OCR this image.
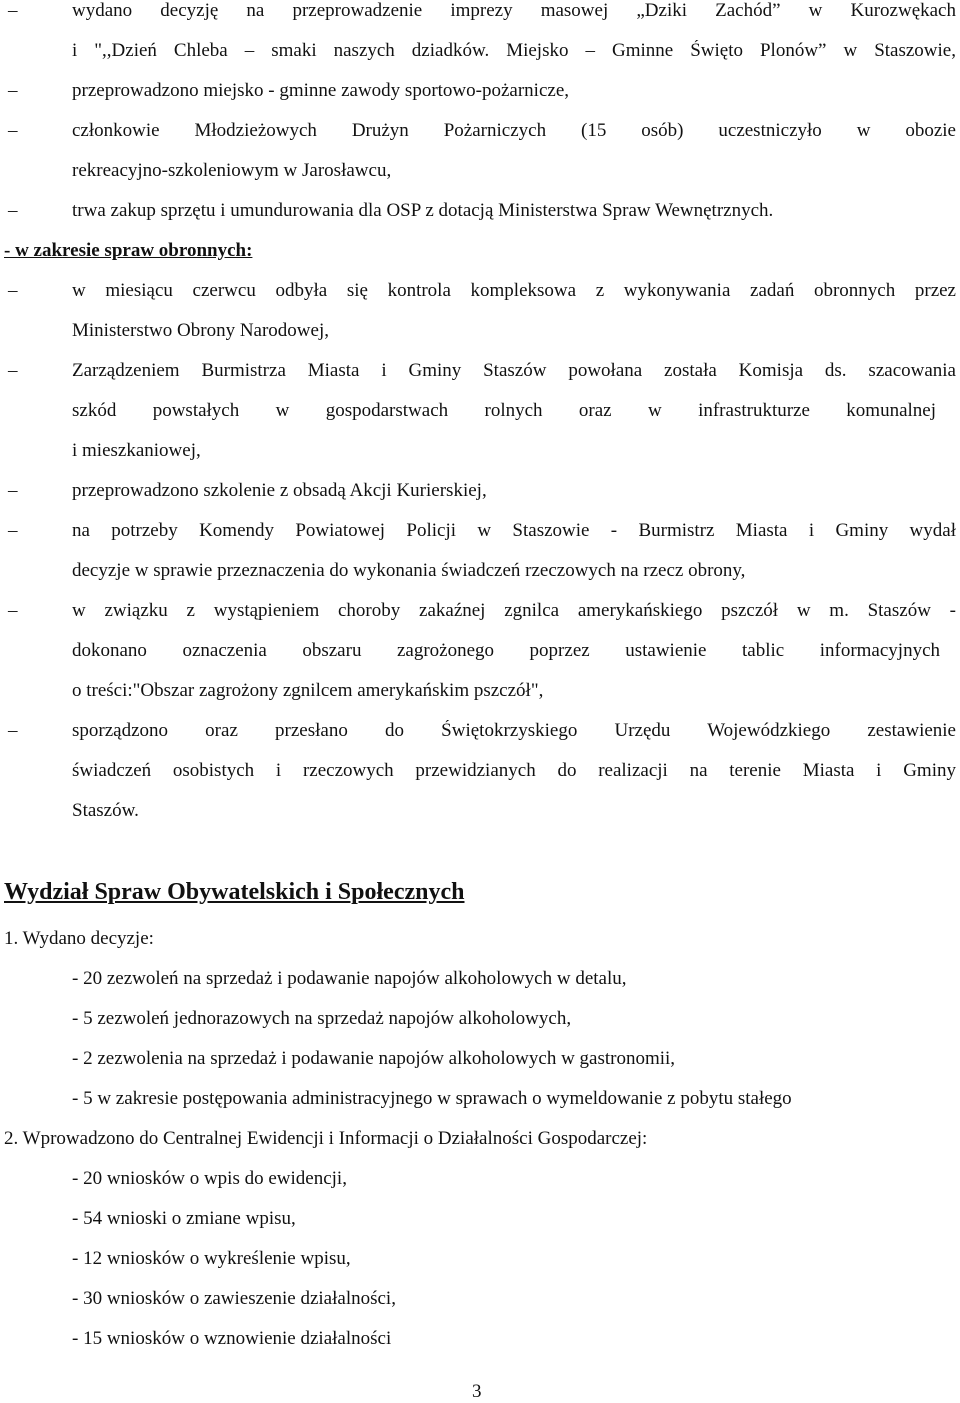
–	wydano decyzję na przeprowadzenie imprezy masowej „Dziki Zachód” w Kurozwękach
i ",,Dzień Chleba – smaki naszych dziadków. Miejsko – Gminne Święto Plonów” w Staszowie,
–	przeprowadzono miejsko - gminne zawody sportowo-pożarnicze,
–	członkowie Młodzieżowych Drużyn Pożarniczych (15 osób) uczestniczyło w obozie
rekreacyjno-szkoleniowym w Jarosławcu,
–	trwa zakup sprzętu i umundurowania dla OSP z dotacją Ministerstwa Spraw Wewnętrznych.
- w zakresie spraw obronnych:
–	w miesiącu czerwcu odbyła się kontrola kompleksowa z wykonywania zadań obronnych przez
Ministerstwo Obrony Narodowej,
–	Zarządzeniem Burmistrza Miasta i Gminy Staszów powołana została Komisja ds. szacowania
szkód powstałych w gospodarstwach rolnych oraz w infrastrukturze komunalnej
i mieszkaniowej,
–	przeprowadzono szkolenie z obsadą Akcji Kurierskiej,
–	na potrzeby Komendy Powiatowej Policji w Staszowie - Burmistrz Miasta i Gminy wydał
decyzje w sprawie przeznaczenia do wykonania świadczeń rzeczowych na rzecz obrony,
–	w związku z wystąpieniem choroby zakaźnej zgnilca amerykańskiego pszczół w m. Staszów -
dokonano oznaczenia obszaru zagrożonego poprzez ustawienie tablic informacyjnych
o treści:"Obszar zagrożony zgnilcem amerykańskim pszczół",
–	sporządzono oraz przesłano do Świętokrzyskiego Urzędu Wojewódzkiego zestawienie
świadczeń osobistych i rzeczowych przewidzianych do realizacji na terenie Miasta i Gminy
Staszów.
Wydział Spraw Obywatelskich i Społecznych
1. Wydano decyzje:
- 20 zezwoleń na sprzedaż i podawanie napojów alkoholowych w detalu,
- 5 zezwoleń jednorazowych na sprzedaż napojów alkoholowych,
- 2 zezwolenia na sprzedaż i podawanie napojów alkoholowych w gastronomii,
- 5 w zakresie postępowania administracyjnego w sprawach o wymeldowanie z pobytu stałego
2. Wprowadzono do Centralnej Ewidencji i Informacji o Działalności Gospodarczej:
- 20 wniosków o wpis do ewidencji,
- 54 wnioski o zmiane wpisu,
- 12 wniosków o wykreślenie wpisu,
- 30 wniosków o zawieszenie działalności,
- 15 wniosków o wznowienie działalności
3
